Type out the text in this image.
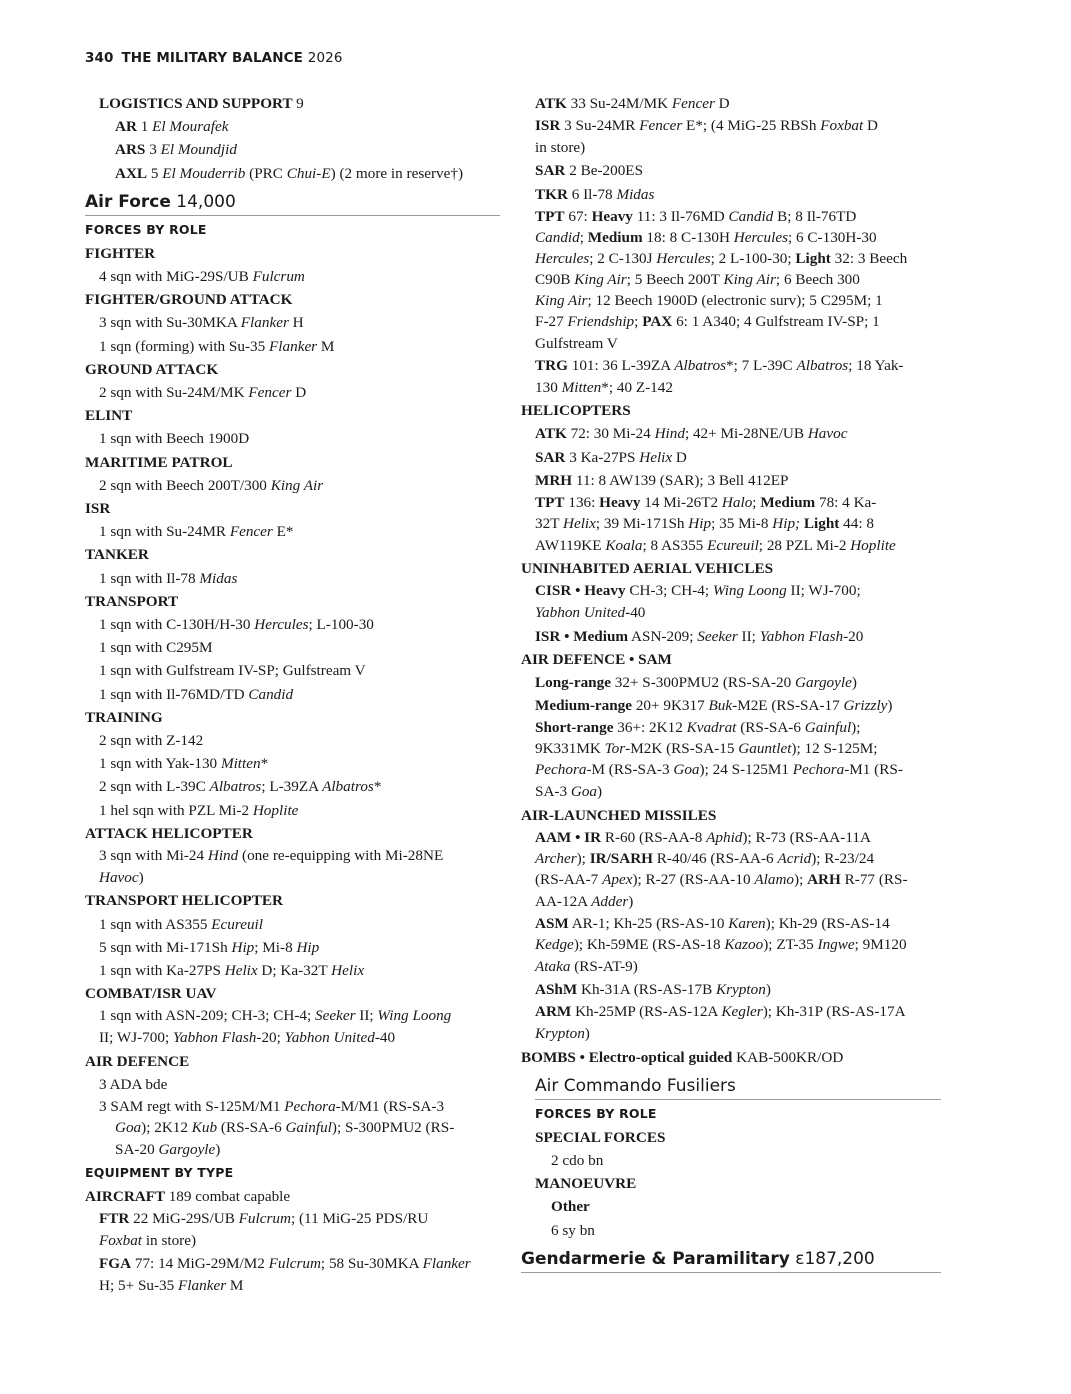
340 THE MILITARY BALANCE 2026
LOGISTICS AND SUPPORT 9
AR 1 El Mourafek
ARS 3 El Moundjid
AXL 5 El Mouderrib (PRC Chui-E) (2 more in reserve†)
Air Force 14,000
FORCES BY ROLE
FIGHTER
4 sqn with MiG-29S/UB Fulcrum
FIGHTER/GROUND ATTACK
3 sqn with Su-30MKA Flanker H
1 sqn (forming) with Su-35 Flanker M
GROUND ATTACK
2 sqn with Su-24M/MK Fencer D
ELINT
1 sqn with Beech 1900D
MARITIME PATROL
2 sqn with Beech 200T/300 King Air
ISR
1 sqn with Su-24MR Fencer E*
TANKER
1 sqn with Il-78 Midas
TRANSPORT
1 sqn with C-130H/H-30 Hercules; L-100-30
1 sqn with C295M
1 sqn with Gulfstream IV-SP; Gulfstream V
1 sqn with Il-76MD/TD Candid
TRAINING
2 sqn with Z-142
1 sqn with Yak-130 Mitten*
2 sqn with L-39C Albatros; L-39ZA Albatros*
1 hel sqn with PZL Mi-2 Hoplite
ATTACK HELICOPTER
3 sqn with Mi-24 Hind (one re-equipping with Mi-28NE
Havoc)
TRANSPORT HELICOPTER
1 sqn with AS355 Ecureuil
5 sqn with Mi-171Sh Hip; Mi-8 Hip
1 sqn with Ka-27PS Helix D; Ka-32T Helix
COMBAT/ISR UAV
1 sqn with ASN-209; CH-3; CH-4; Seeker II; Wing Loong
II; WJ-700; Yabhon Flash-20; Yabhon United-40
AIR DEFENCE
3 ADA bde
3 SAM regt with S-125M/M1 Pechora-M/M1 (RS-SA-3
Goa); 2K12 Kub (RS-SA-6 Gainful); S-300PMU2 (RS-
SA-20 Gargoyle)
EQUIPMENT BY TYPE
AIRCRAFT 189 combat capable
FTR 22 MiG-29S/UB Fulcrum; (11 MiG-25 PDS/RU
Foxbat in store)
FGA 77: 14 MiG-29M/M2 Fulcrum; 58 Su-30MKA Flanker
H; 5+ Su-35 Flanker M
ATK 33 Su-24M/MK Fencer D
ISR 3 Su-24MR Fencer E*; (4 MiG-25 RBSh Foxbat D
in store)
SAR 2 Be-200ES
TKR 6 Il-78 Midas
TPT 67: Heavy 11: 3 Il-76MD Candid B; 8 Il-76TD
Candid; Medium 18: 8 C-130H Hercules; 6 C-130H-30
Hercules; 2 C-130J Hercules; 2 L-100-30; Light 32: 3 Beech
C90B King Air; 5 Beech 200T King Air; 6 Beech 300
King Air; 12 Beech 1900D (electronic surv); 5 C295M; 1
F-27 Friendship; PAX 6: 1 A340; 4 Gulfstream IV-SP; 1
Gulfstream V
TRG 101: 36 L-39ZA Albatros*; 7 L-39C Albatros; 18 Yak-
130 Mitten*; 40 Z-142
HELICOPTERS
ATK 72: 30 Mi-24 Hind; 42+ Mi-28NE/UB Havoc
SAR 3 Ka-27PS Helix D
MRH 11: 8 AW139 (SAR); 3 Bell 412EP
TPT 136: Heavy 14 Mi-26T2 Halo; Medium 78: 4 Ka-
32T Helix; 39 Mi-171Sh Hip; 35 Mi-8 Hip; Light 44: 8
AW119KE Koala; 8 AS355 Ecureuil; 28 PZL Mi-2 Hoplite
UNINHABITED AERIAL VEHICLES
CISR • Heavy CH-3; CH-4; Wing Loong II; WJ-700;
Yabhon United-40
ISR • Medium ASN-209; Seeker II; Yabhon Flash-20
AIR DEFENCE • SAM
Long-range 32+ S-300PMU2 (RS-SA-20 Gargoyle)
Medium-range 20+ 9K317 Buk-M2E (RS-SA-17 Grizzly)
Short-range 36+: 2K12 Kvadrat (RS-SA-6 Gainful);
9K331MK Tor-M2K (RS-SA-15 Gauntlet); 12 S-125M;
Pechora-M (RS-SA-3 Goa); 24 S-125M1 Pechora-M1 (RS-
SA-3 Goa)
AIR-LAUNCHED MISSILES
AAM • IR R-60 (RS-AA-8 Aphid); R-73 (RS-AA-11A
Archer); IR/SARH R-40/46 (RS-AA-6 Acrid); R-23/24
(RS-AA-7 Apex); R-27 (RS-AA-10 Alamo); ARH R-77 (RS-
AA-12A Adder)
ASM AR-1; Kh-25 (RS-AS-10 Karen); Kh-29 (RS-AS-14
Kedge); Kh-59ME (RS-AS-18 Kazoo); ZT-35 Ingwe; 9M120
Ataka (RS-AT-9)
AShM Kh-31A (RS-AS-17B Krypton)
ARM Kh-25MP (RS-AS-12A Kegler); Kh-31P (RS-AS-17A
Krypton)
BOMBS • Electro-optical guided KAB-500KR/OD
Air Commando Fusiliers
FORCES BY ROLE
SPECIAL FORCES
2 cdo bn
MANOEUVRE
Other
6 sy bn
Gendarmerie & Paramilitary ε187,200
